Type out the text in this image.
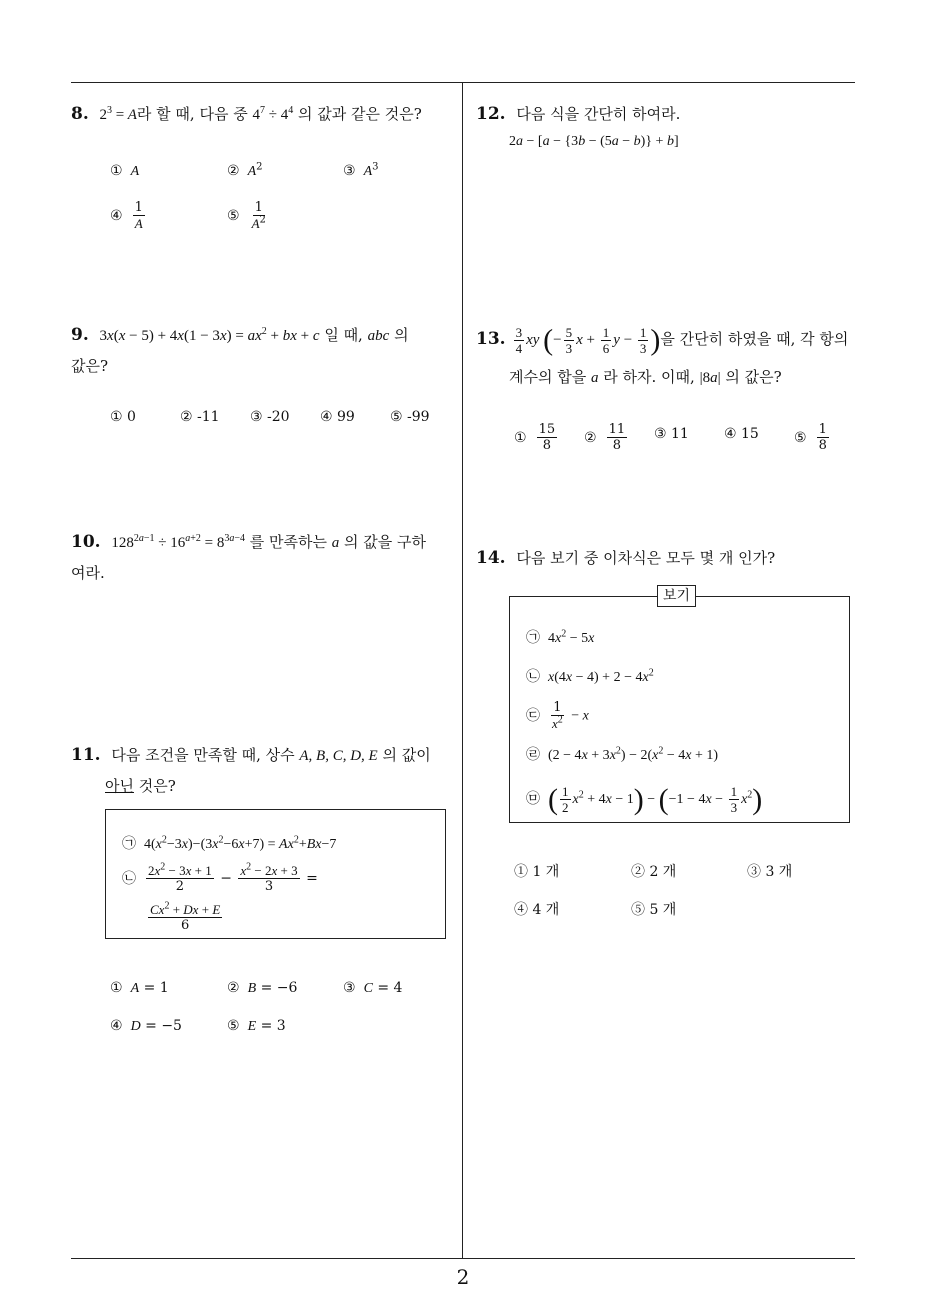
8. $2^3 = A$라 할 때, 다음 중 $4^7 \div 4^4$ 의 값과 같은 것은?
① A	② $A^2$	③ $A^3$
④ $\frac{1}{A}$	⑤ $\frac{1}{A^2}$
9. $3x(x - 5) + 4x(1 - 3x) = ax^2$ + bx + c 일 때, abc 의
값은?
① 0	② -11 ③ -20 ④ 99	⑤ -99
10. $128^{2a-1} \div 16^{a+2} = 8^{3a-4}$ 를 만족하는 a 의 값을 구하
여라.
11. 다음 조건을 만족할 때, 상수 A, B, C, D, E 의 값이
아닌 것은?
㉠ $4(x^2-3x)-(3x^2-6x+7) = Ax^2+Bx-7$
㉡ $\frac{2x^2 - 3x + 1}{2} - \frac{x^2 - 2x + 3}{3}$ =
$\frac{Cx^2 + Dx + E}{6}$
① A = 1	② B = −6	③ C = 4
④ D = −5	⑤ E = 3
12. 다음 식을 간단히 하여라.
2a − [a − {3b − (5a − b)} + b]
13. $\frac{3}{4}$ xy (− $\frac{5}{3}$ $x + \frac{1}{6}$ $y - \frac{1}{3}$ )을 간단히 하였을 때, 각 항의
계수의 합을 a 라 하자. 이때, |8a| 의 값은?
① $\frac{15}{8}$ ② $\frac{11}{8}$ ③ 11	④ 15	⑤ $\frac{1}{8}$
14. 다음 보기 중 이차식은 모두 몇 개 인가?
보기
㉠ $4x^2 - 5x$
㉡ $x(4x - 4) + 2 - 4x^2$
㉢ $\frac{1}{x^2} - x$
㉣ $(2 - 4x + 3x^2) - 2(x^2 - 4x + 1)$
㉤ ( $\frac{1}{2} x^2 + 4x - 1) - (-1 - 4x - \frac{1}{3} x^2)$
① 1 개	② 2 개	③ 3 개
④ 4 개	⑤ 5 개
2
